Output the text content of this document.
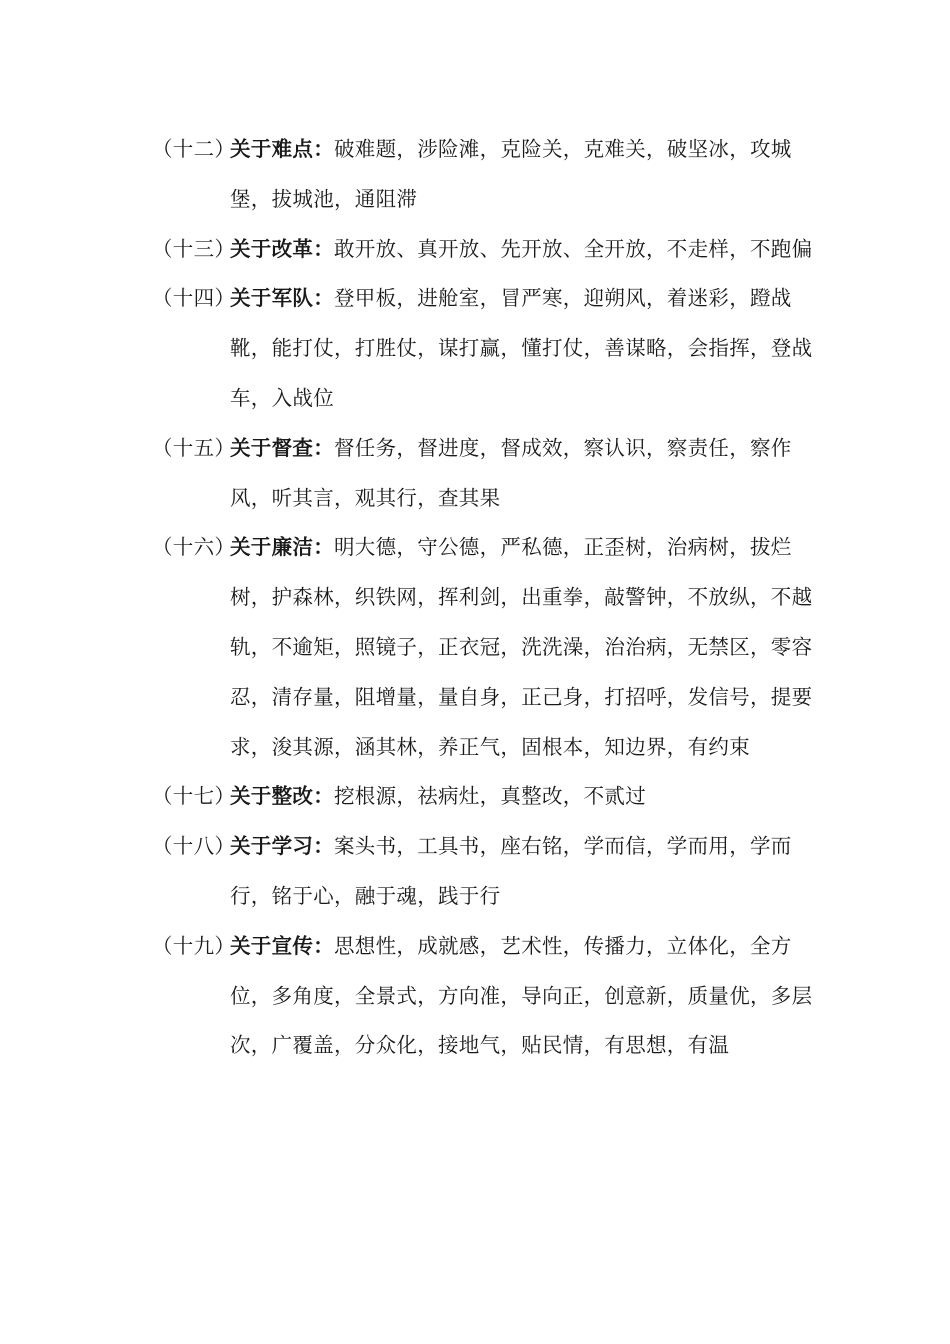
（十二）
关于难点：破难题，涉险滩，克险关，克难关，破坚冰，攻城堡，拔城池，通阻滞
（十三）
关于改革：敢开放、真开放、先开放、全开放，不走样，不跑偏
（十四）
关于军队：登甲板，进舱室，冒严寒，迎朔风，着迷彩，蹬战靴，能打仗，打胜仗，谋打赢，懂打仗，善谋略，会指挥，登战车，入战位
（十五）
关于督查：督任务，督进度，督成效，察认识，察责任，察作风，听其言，观其行，查其果
（十六）
关于廉洁：明大德，守公德，严私德，正歪树，治病树，拔烂树，护森林，织铁网，挥利剑，出重拳，敲警钟，不放纵，不越轨，不逾矩，照镜子，正衣冠，洗洗澡，治治病，无禁区，零容忍，清存量，阻增量，量自身，正己身，打招呼，发信号，提要求，浚其源，涵其林，养正气，固根本，知边界，有约束
（十七）
关于整改：挖根源，祛病灶，真整改，不贰过
（十八）
关于学习：案头书，工具书，座右铭，学而信，学而用，学而行，铭于心，融于魂，践于行
（十九）
关于宣传：思想性，成就感，艺术性，传播力，立体化，全方位，多角度，全景式，方向准，导向正，创意新，质量优，多层次，广覆盖，分众化，接地气，贴民情，有思想，有温
